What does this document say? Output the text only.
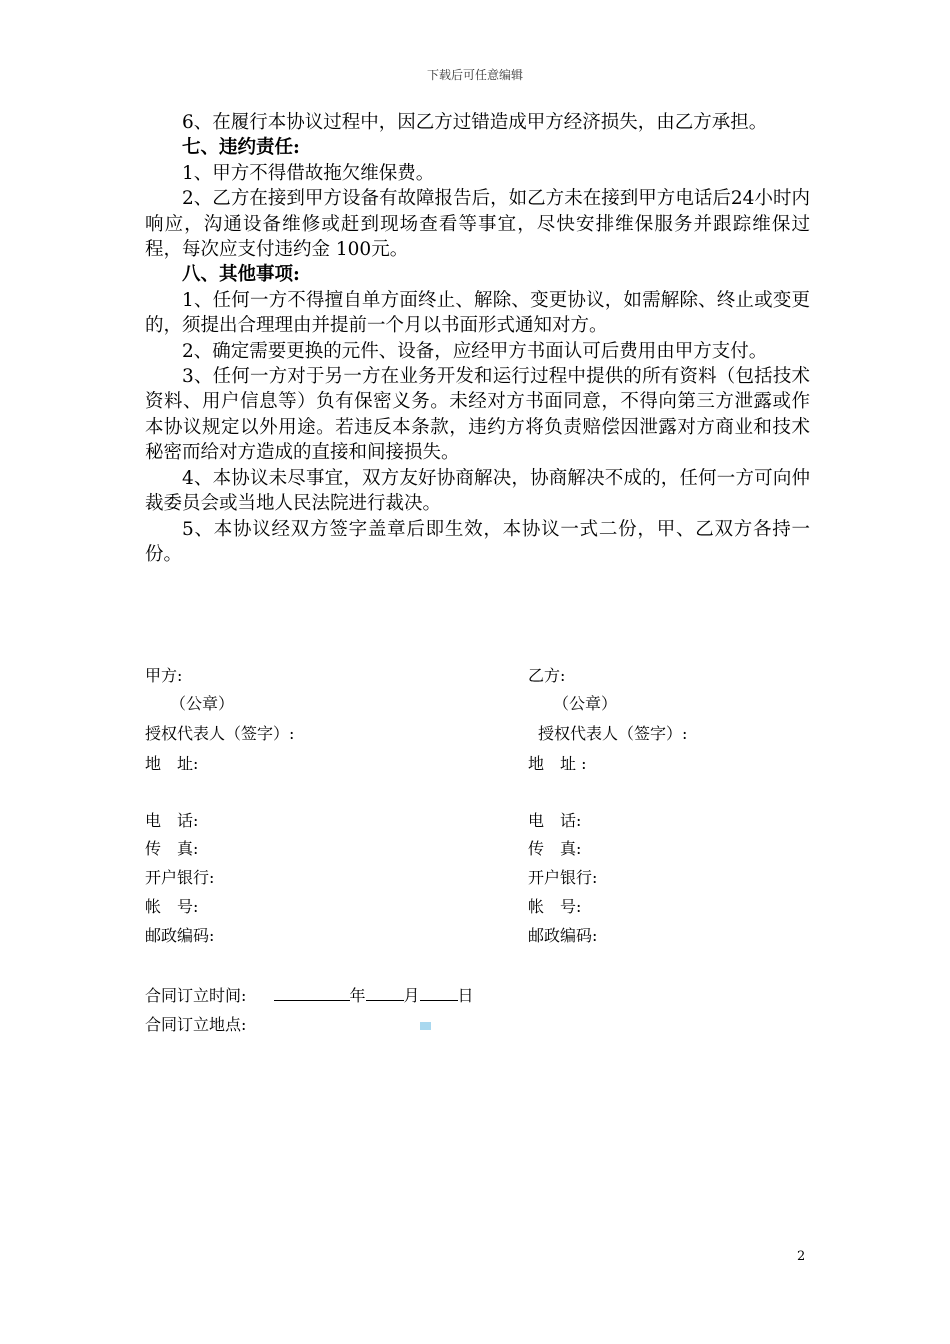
下载后可任意编辑

6、在履行本协议过程中，因乙方过错造成甲方经济损失，由乙方承担。

七、违约责任:

1、甲方不得借故拖欠维保费。

2、乙方在接到甲方设备有故障报告后，如乙方未在接到甲方电话后24小时内响应，沟通设备维修或赶到现场查看等事宜，尽快安排维保服务并跟踪维保过程，每次应支付违约金 100元。

八、其他事项:

1、任何一方不得擅自单方面终止、解除、变更协议，如需解除、终止或变更的，须提出合理理由并提前一个月以书面形式通知对方。

2、确定需要更换的元件、设备，应经甲方书面认可后费用由甲方支付。

3、任何一方对于另一方在业务开发和运行过程中提供的所有资料（包括技术资料、用户信息等）负有保密义务。未经对方书面同意，不得向第三方泄露或作本协议规定以外用途。若违反本条款，违约方将负责赔偿因泄露对方商业和技术秘密而给对方造成的直接和间接损失。

4、本协议未尽事宜，双方友好协商解决，协商解决不成的，任何一方可向仲裁委员会或当地人民法院进行裁决。

5、本协议经双方签字盖章后即生效，本协议一式二份，甲、乙双方各持一份。

甲方:
（公章）
授权代表人（签字）:
地　址:
电　话:
传　真:
开户银行:
帐　号:
邮政编码:
乙方:
（公章）
授权代表人（签字）:
地　址 :
电　话:
传　真:
开户银行:
帐　号:
邮政编码:
合同订立时间:	年 月 日
合同订立地点:
2
